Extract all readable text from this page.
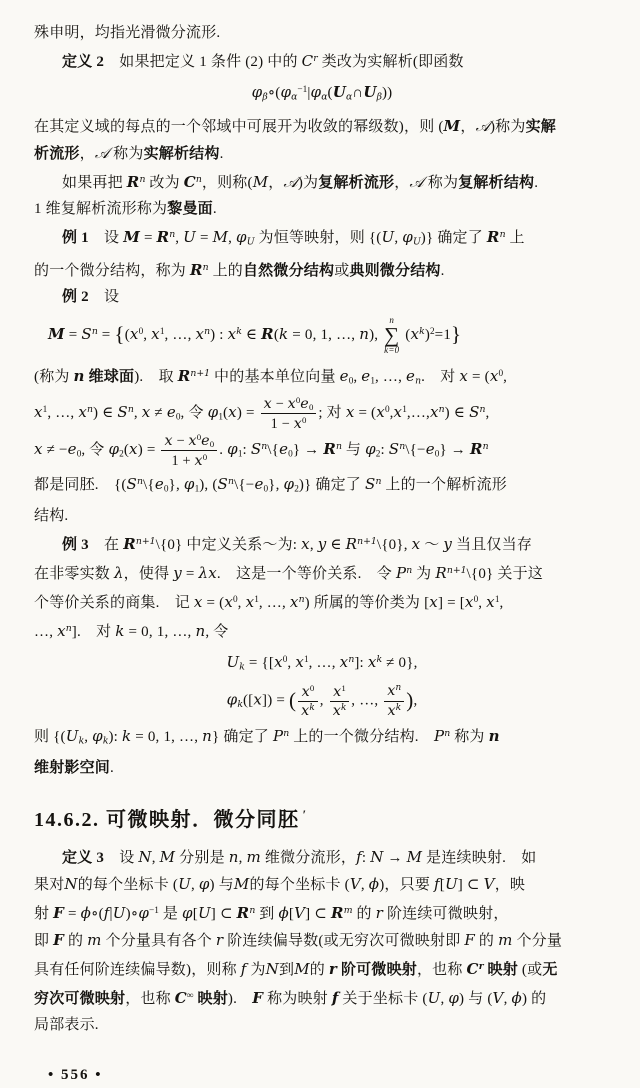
殊申明，均指光滑微分流形.
定义 2　如果把定义 1 条件 (2) 中的 $C^r$ 类改为实解析(即函数
$\varphi\beta\circ(\varphi\alpha^{-1}|\varphi\alpha(U\alpha\cap U\beta))$
在其定义域的每点的一个邻域中可展开为收敛的幂级数)，则 (M，𝒜)称为实解
析流形，𝒜 称为实解析结构.
如果再把 $R^n$ 改为 $C^n$，则称(M，𝒜)为复解析流形，𝒜 称为复解析结构.
1 维复解析流形称为黎曼面.
例 1　设 $M = R^n$, U = M, φU 为恒等映射，则 {(U, φU)} 确定了 $R^n$ 上
的一个微分结构，称为 $R^n$ 上的自然微分结构或典则微分结构.
例 2　设
$M = S^n = \{(x^0$, $x^1$, …, $x^n$) : $x^k$ ∈ R(k = 0, 1, …, n),
n
∑
k=0
$(x^k)^2=1$}
(称为 n 维球面).　取 $R^{n+1}$ 中的基本单位向量 e0, e1, …, en.　对 $x = (x^0$,
$x^1$, …, $x^n$) ∈ $S^n$, x ≠ e0, 令 $\varphi 1(x) = \frac{x - x^0e0}{1 - x^0}$ ; 对 $x = (x^0,x^1,\dots,x^n)$ ∈ $S^n$,
x ≠ −e0, 令 $\varphi 2(x) = \frac{x - x^0e0}{1 + x^0}$ . φ1: $S^n\backslash\{e0\} \to R^n$ 与 φ2: $S^n\backslash\{-e0\} \to R^n$
都是同胚.　{($S^n\backslash\{e0\}$, φ1), ($S^n\backslash\{-e0\}$, φ2)} 确定了 $S^n$ 上的一个解析流形
结构.
例 3　在 $R^{n+1}\backslash\{0\}$ 中定义关系～为: x, y ∈ $R^{n+1}\backslash\{0\}$, x ～ y 当且仅当存
在非零实数 λ，使得 y = λx.　这是一个等价关系.　令 $P^n$ 为 $R^{n+1}\backslash\{0\}$ 关于这
个等价关系的商集.　记 $x = (x^0$, $x^1$, …, $x^n$) 所属的等价类为 $[x] = [x^0$, $x^1$,
…, $x^n$].　对 k = 0, 1, …, n, 令
$Uk = \{[x^0$, $x^1$, …, $x^n$]: $x^k \ne 0$},
φk([x]) = ( $\frac{x^0}{x^k}$ , $\frac{x^1}{x^k}$ , …, $\frac{x^n}{x^k}$ ),
则 {(Uk, φk): k = 0, 1, …, n} 确定了 $P^n$ 上的一个微分结构.　$P^n$ 称为 n
维射影空间.
14.6.2. 可微映射．微分同胚 ′
定义 3　设 N, M 分别是 n, m 维微分流形，f: N → M 是连续映射.　如
果对N的每个坐标卡 (U, φ) 与M的每个坐标卡 (V, ϕ)，只要 f[U] ⊂ V，映
射 $F = \phi\circ(f|U)\circ\varphi^{-1}$ 是 φ[U] ⊂ $R^n$ 到 ϕ[V] ⊂ $R^m$ 的 r 阶连续可微映射，
即 F 的 m 个分量具有各个 r 阶连续偏导数(或无穷次可微映射即 F 的 m 个分量
具有任何阶连续偏导数)，则称 f 为N到M的 r 阶可微映射，也称 $C^r$ 映射 (或无
穷次可微映射，也称 C∞ 映射).　F 称为映射 f 关于坐标卡 (U, φ) 与 (V, ϕ) 的
局部表示.
• 556 •
